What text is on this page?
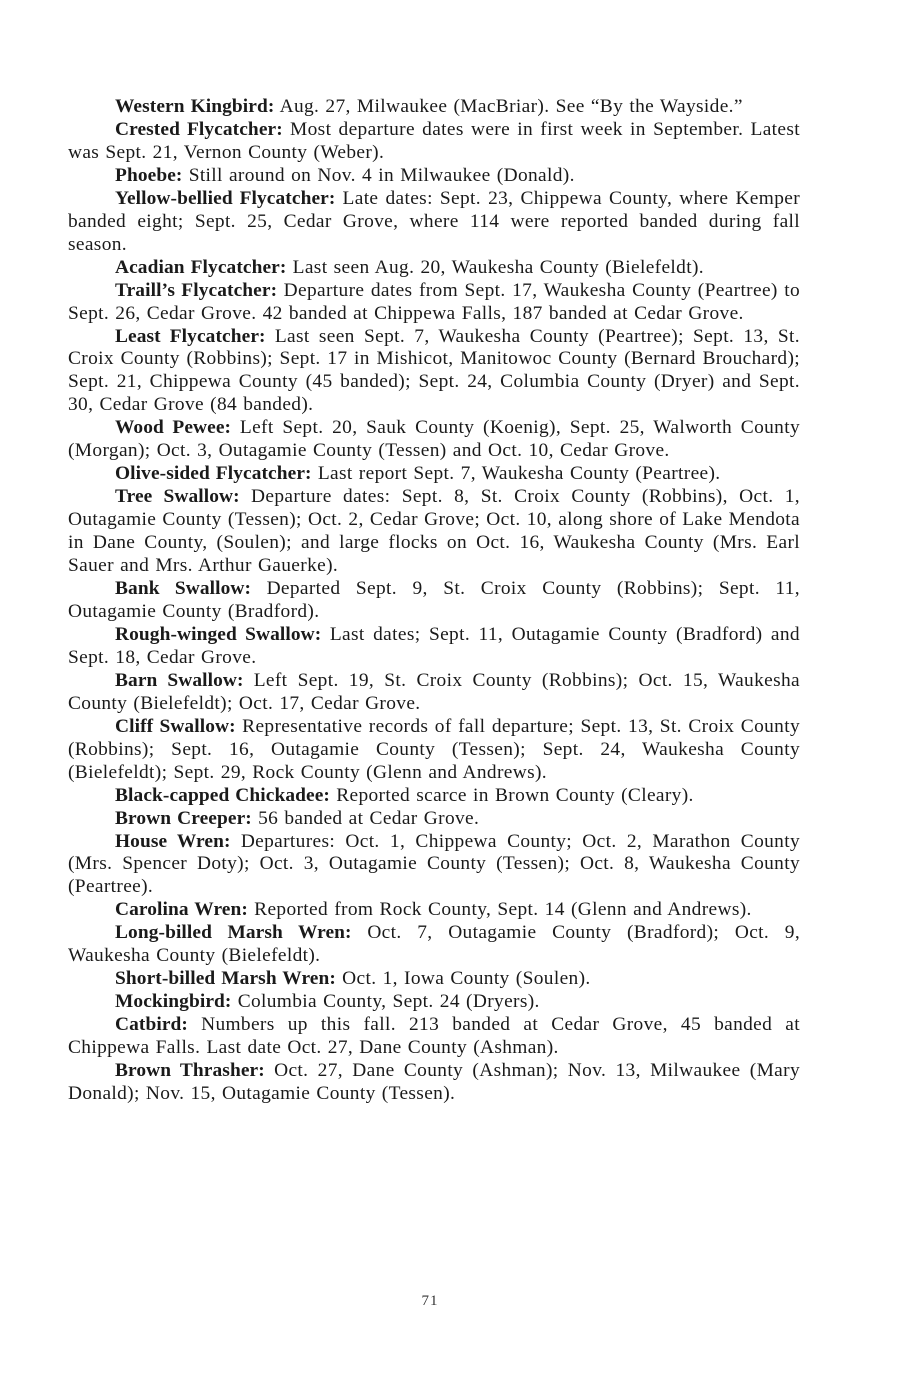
Western Kingbird: Aug. 27, Milwaukee (MacBriar). See “By the Wayside.”

Crested Flycatcher: Most departure dates were in first week in September. Latest was Sept. 21, Vernon County (Weber).

Phoebe: Still around on Nov. 4 in Milwaukee (Donald).

Yellow-bellied Flycatcher: Late dates: Sept. 23, Chippewa County, where Kemper banded eight; Sept. 25, Cedar Grove, where 114 were reported banded during fall season.

Acadian Flycatcher: Last seen Aug. 20, Waukesha County (Bielefeldt).

Traill’s Flycatcher: Departure dates from Sept. 17, Waukesha County (Peartree) to Sept. 26, Cedar Grove. 42 banded at Chippewa Falls, 187 banded at Cedar Grove.

Least Flycatcher: Last seen Sept. 7, Waukesha County (Peartree); Sept. 13, St. Croix County (Robbins); Sept. 17 in Mishicot, Manitowoc County (Bernard Brouchard); Sept. 21, Chippewa County (45 banded); Sept. 24, Columbia County (Dryer) and Sept. 30, Cedar Grove (84 banded).

Wood Pewee: Left Sept. 20, Sauk County (Koenig), Sept. 25, Walworth County (Morgan); Oct. 3, Outagamie County (Tessen) and Oct. 10, Cedar Grove.

Olive-sided Flycatcher: Last report Sept. 7, Waukesha County (Peartree).

Tree Swallow: Departure dates: Sept. 8, St. Croix County (Robbins), Oct. 1, Outagamie County (Tessen); Oct. 2, Cedar Grove; Oct. 10, along shore of Lake Mendota in Dane County, (Soulen); and large flocks on Oct. 16, Waukesha County (Mrs. Earl Sauer and Mrs. Arthur Gauerke).

Bank Swallow: Departed Sept. 9, St. Croix County (Robbins); Sept. 11, Outagamie County (Bradford).

Rough-winged Swallow: Last dates; Sept. 11, Outagamie County (Bradford) and Sept. 18, Cedar Grove.

Barn Swallow: Left Sept. 19, St. Croix County (Robbins); Oct. 15, Waukesha County (Bielefeldt); Oct. 17, Cedar Grove.

Cliff Swallow: Representative records of fall departure; Sept. 13, St. Croix County (Robbins); Sept. 16, Outagamie County (Tessen); Sept. 24, Waukesha County (Bielefeldt); Sept. 29, Rock County (Glenn and Andrews).

Black-capped Chickadee: Reported scarce in Brown County (Cleary).

Brown Creeper: 56 banded at Cedar Grove.

House Wren: Departures: Oct. 1, Chippewa County; Oct. 2, Marathon County (Mrs. Spencer Doty); Oct. 3, Outagamie County (Tessen); Oct. 8, Waukesha County (Peartree).

Carolina Wren: Reported from Rock County, Sept. 14 (Glenn and Andrews).

Long-billed Marsh Wren: Oct. 7, Outagamie County (Bradford); Oct. 9, Waukesha County (Bielefeldt).

Short-billed Marsh Wren: Oct. 1, Iowa County (Soulen).

Mockingbird: Columbia County, Sept. 24 (Dryers).

Catbird: Numbers up this fall. 213 banded at Cedar Grove, 45 banded at Chippewa Falls. Last date Oct. 27, Dane County (Ashman).

Brown Thrasher: Oct. 27, Dane County (Ashman); Nov. 13, Milwaukee (Mary Donald); Nov. 15, Outagamie County (Tessen).

71
